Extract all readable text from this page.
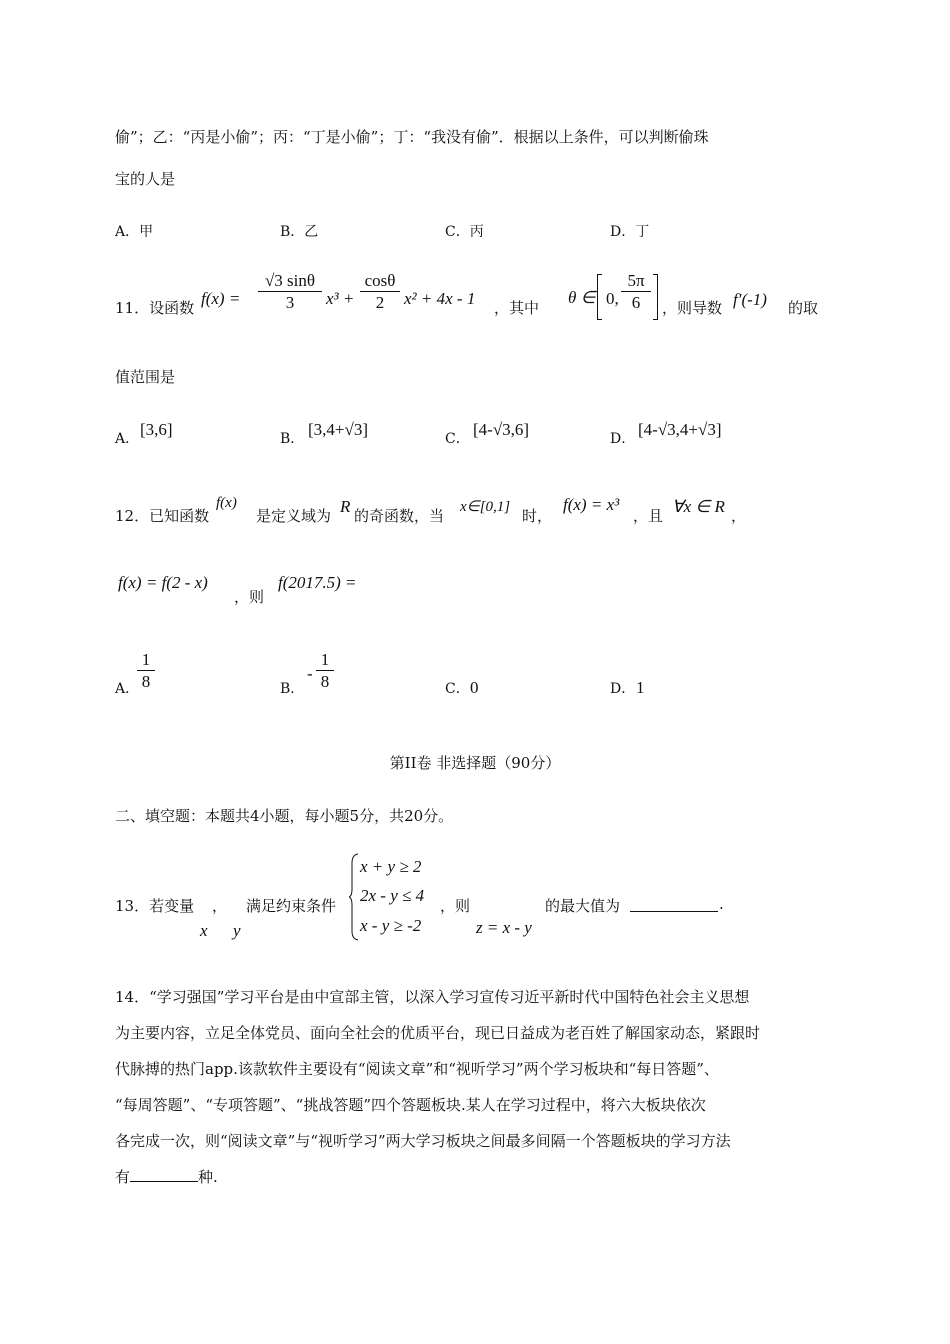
偷”；乙：“丙是小偷”；丙：“丁是小偷”；丁：“我没有偷”．根据以上条件，可以判断偷珠
宝的人是
A．甲	B．乙	C．丙	D．丁
11．设函数 $f(x) = \frac{√3 \sin\theta}{3} x^3 + \frac{\cos\theta}{2} x^2 + 4x - 1$ ，其中
θ ∈ 0, $\frac{5\pi}{6}$ ，则导数 f′(-1) 的取
值范围是
A． [3,6]	B． [3,4+√3]	C． [4-√3,6]	D． [4-√3,4+√3]
12．已知函数
f(x)
是定义域为 R 的奇函数，当 x∈[0,1] 时，
f(x) = x³
，且 ∀x ∈ R ，
f(x) = f(2 - x)
，则
f(2017.5) =
A．
$\frac{1}{8}$	B．
- $\frac{1}{8}$	C． 0	D． 1
第II卷 非选择题（90分）
二、填空题：本题共4小题，每小题5分，共20分。
13．若变量 ， 满足约束条件
x y
x + y ≥ 2
2x - y ≤ 4
x - y ≥ -2
，则
z = x - y
的最大值为	.
14．“学习强国”学习平台是由中宣部主管，以深入学习宣传习近平新时代中国特色社会主义思想
为主要内容，立足全体党员、面向全社会的优质平台，现已日益成为老百姓了解国家动态，紧跟时
代脉搏的热门app.该款软件主要设有“阅读文章”和“视听学习”两个学习板块和“每日答题”、
“每周答题”、“专项答题”、“挑战答题”四个答题板块.某人在学习过程中，将六大板块依次
各完成一次，则“阅读文章”与“视听学习”两大学习板块之间最多间隔一个答题板块的学习方法
有	种.
